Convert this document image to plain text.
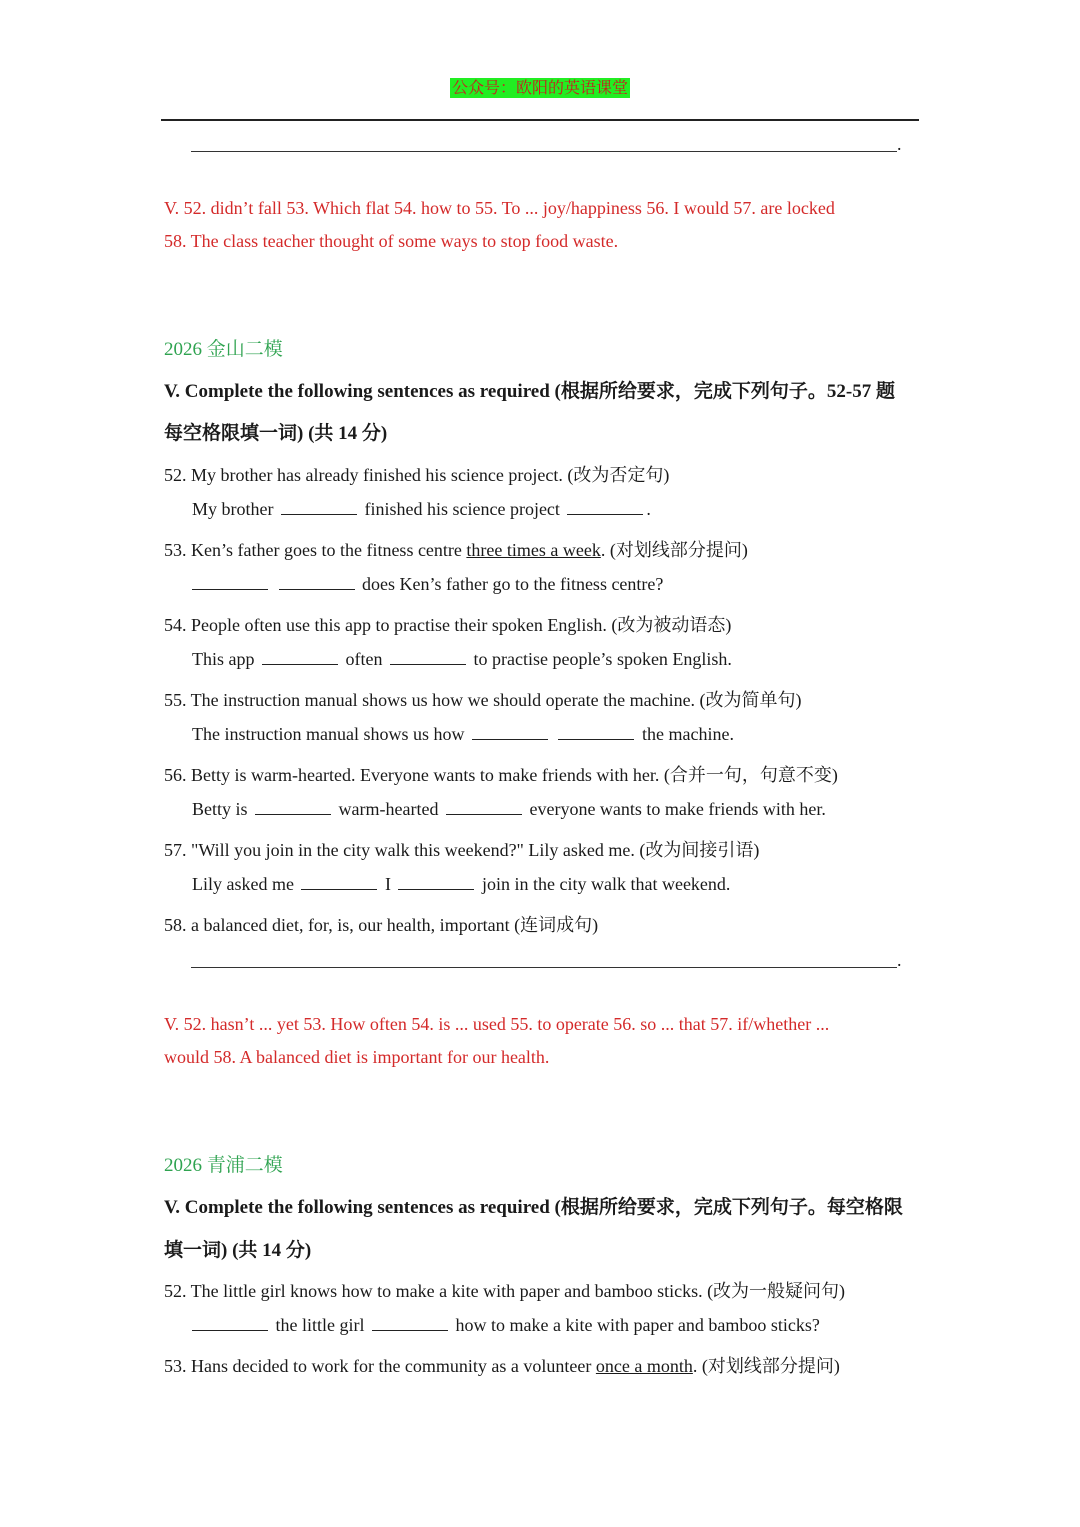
公众号：欧阳的英语课堂
.
V. 52. didn’t fall 53. Which flat 54. how to 55. To ... joy/happiness 56. I would 57. are locked
58. The class teacher thought of some ways to stop food waste.
2026 金山二模
V. Complete the following sentences as required (根据所给要求，完成下列句子。52-57 题
每空格限填一词) (共 14 分)
52. My brother has already finished his science project. (改为否定句)
My brother	finished his science project	.
53. Ken’s father goes to the fitness centre three times a week. (对划线部分提问)
does Ken’s father go to the fitness centre?
54. People often use this app to practise their spoken English. (改为被动语态)
This app	often	to practise people’s spoken English.
55. The instruction manual shows us how we should operate the machine. (改为简单句)
The instruction manual shows us how	the machine.
56. Betty is warm-hearted. Everyone wants to make friends with her. (合并一句，句意不变)
Betty is	warm-hearted	everyone wants to make friends with her.
57. "Will you join in the city walk this weekend?" Lily asked me. (改为间接引语)
Lily asked me	I	join in the city walk that weekend.
58. a balanced diet, for, is, our health, important (连词成句)
.
V. 52. hasn’t ... yet 53. How often 54. is ... used 55. to operate 56. so ... that 57. if/whether ...
would 58. A balanced diet is important for our health.
2026 青浦二模
V. Complete the following sentences as required (根据所给要求，完成下列句子。每空格限
填一词) (共 14 分)
52. The little girl knows how to make a kite with paper and bamboo sticks. (改为一般疑问句)
the little girl	how to make a kite with paper and bamboo sticks?
53. Hans decided to work for the community as a volunteer once a month. (对划线部分提问)
